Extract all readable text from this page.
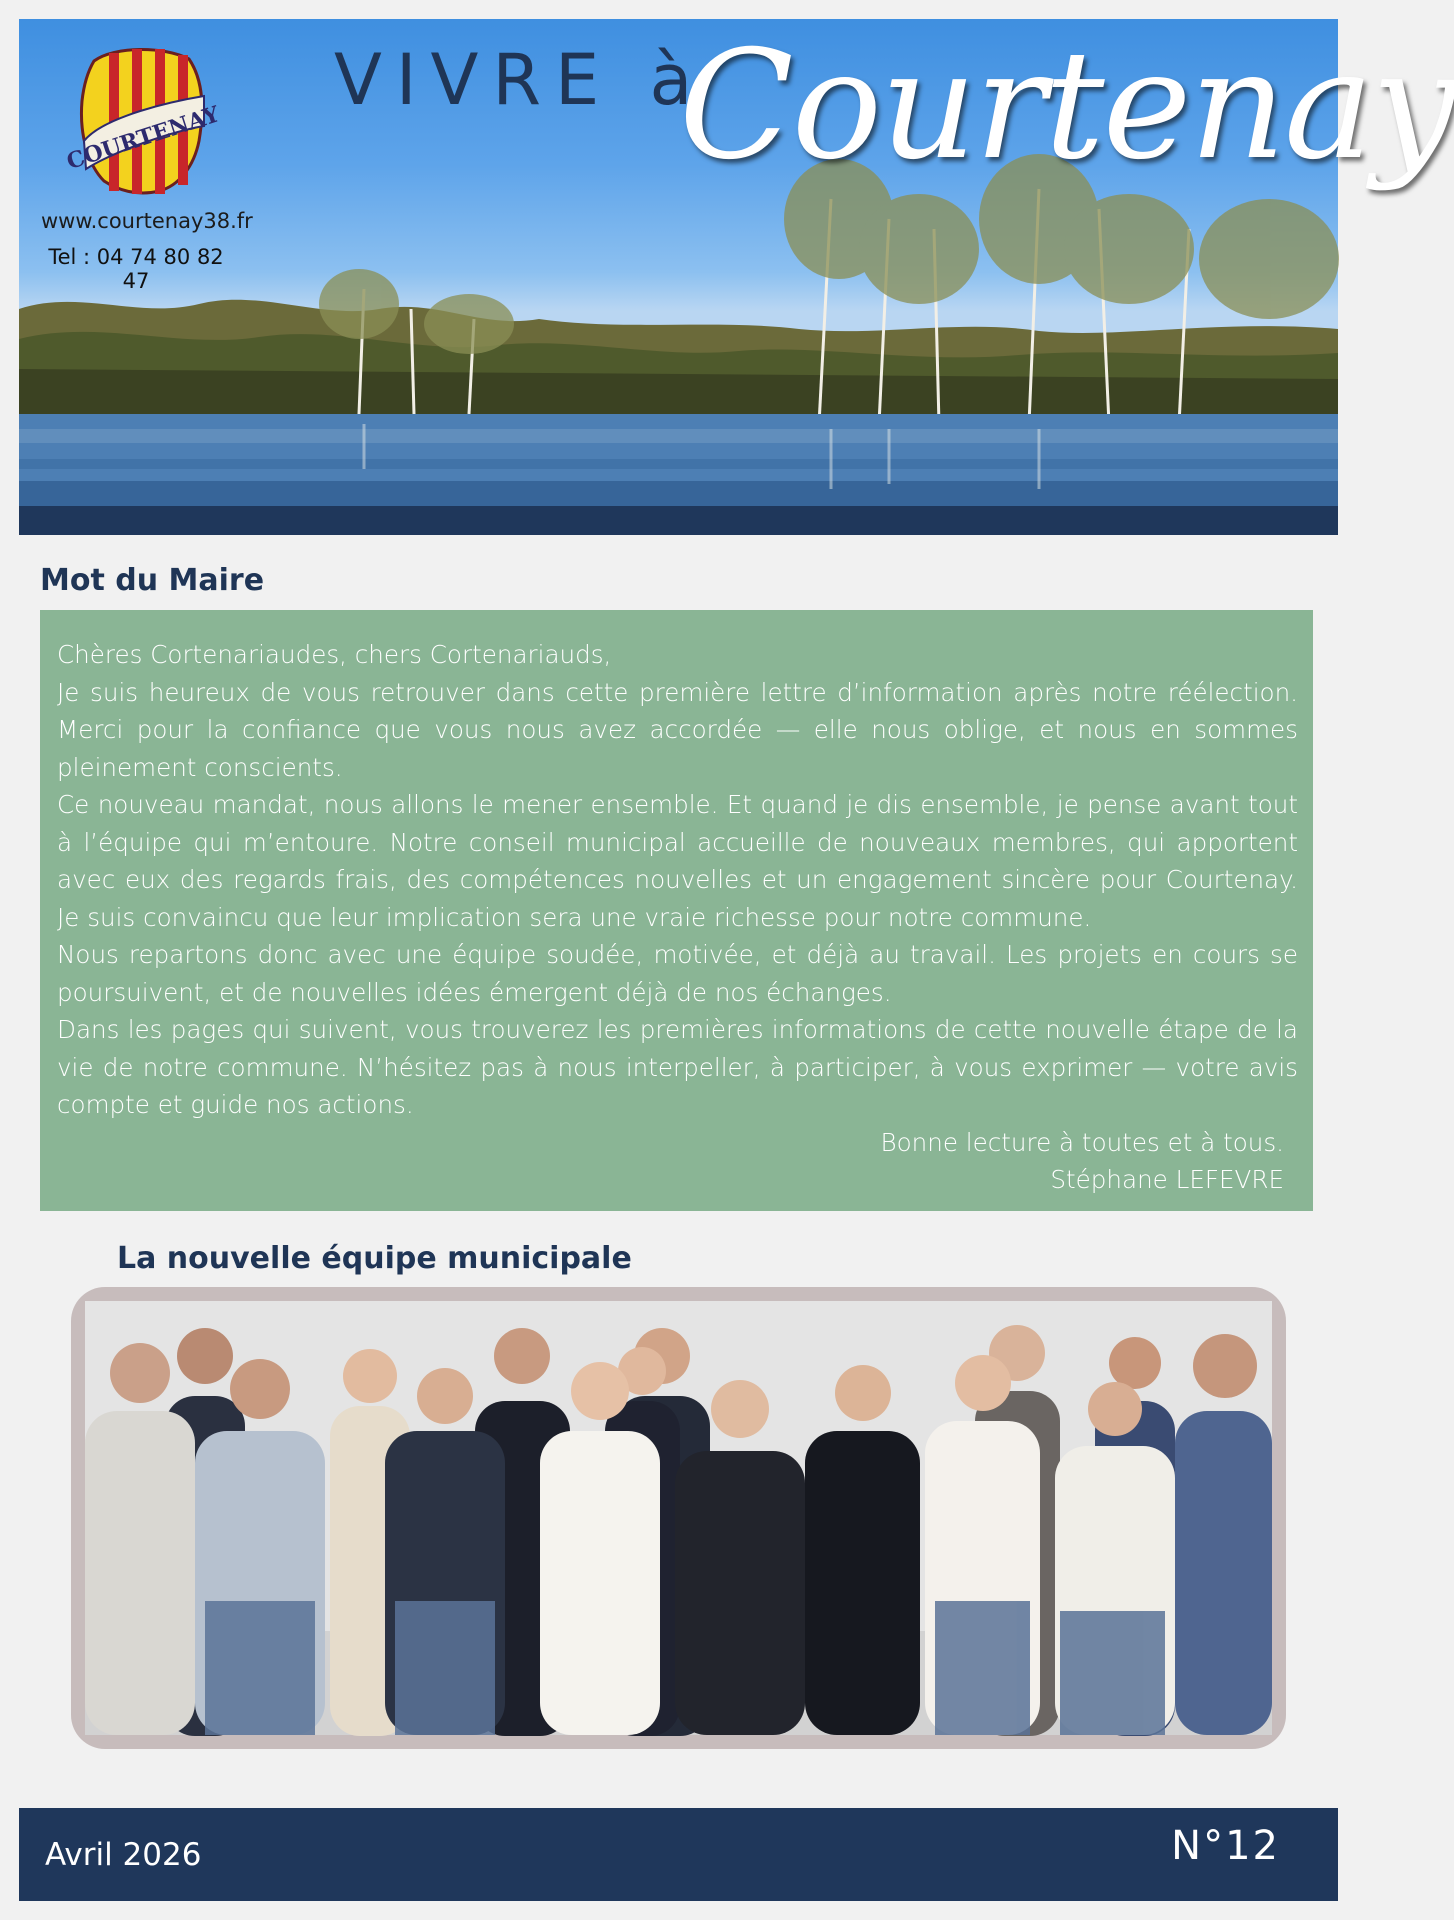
COURTENAY
www.courtenay38.fr
Tel : 04 74 80 82 47
VIVRE à
Courtenay
Mot du Maire

Chères Cortenariaudes, chers Cortenariauds,

Je suis heureux de vous retrouver dans cette première lettre d’information après notre réélection. Merci pour la confiance que vous nous avez accordée — elle nous oblige, et nous en sommes pleinement conscients.

Ce nouveau mandat, nous allons le mener ensemble. Et quand je dis ensemble, je pense avant tout à l’équipe qui m’entoure. Notre conseil municipal accueille de nouveaux membres, qui apportent avec eux des regards frais, des compétences nouvelles et un engagement sincère pour Courtenay. Je suis convaincu que leur implication sera une vraie richesse pour notre commune.

Nous repartons donc avec une équipe soudée, motivée, et déjà au travail. Les projets en cours se poursuivent, et de nouvelles idées émergent déjà de nos échanges.

Dans les pages qui suivent, vous trouverez les premières informations de cette nouvelle étape de la vie de notre commune. N’hésitez pas à nous interpeller, à participer, à vous exprimer — votre avis compte et guide nos actions.

Bonne lecture à toutes et à tous.

Stéphane LEFEVRE

La nouvelle équipe municipale
Avril 2026	N°12
